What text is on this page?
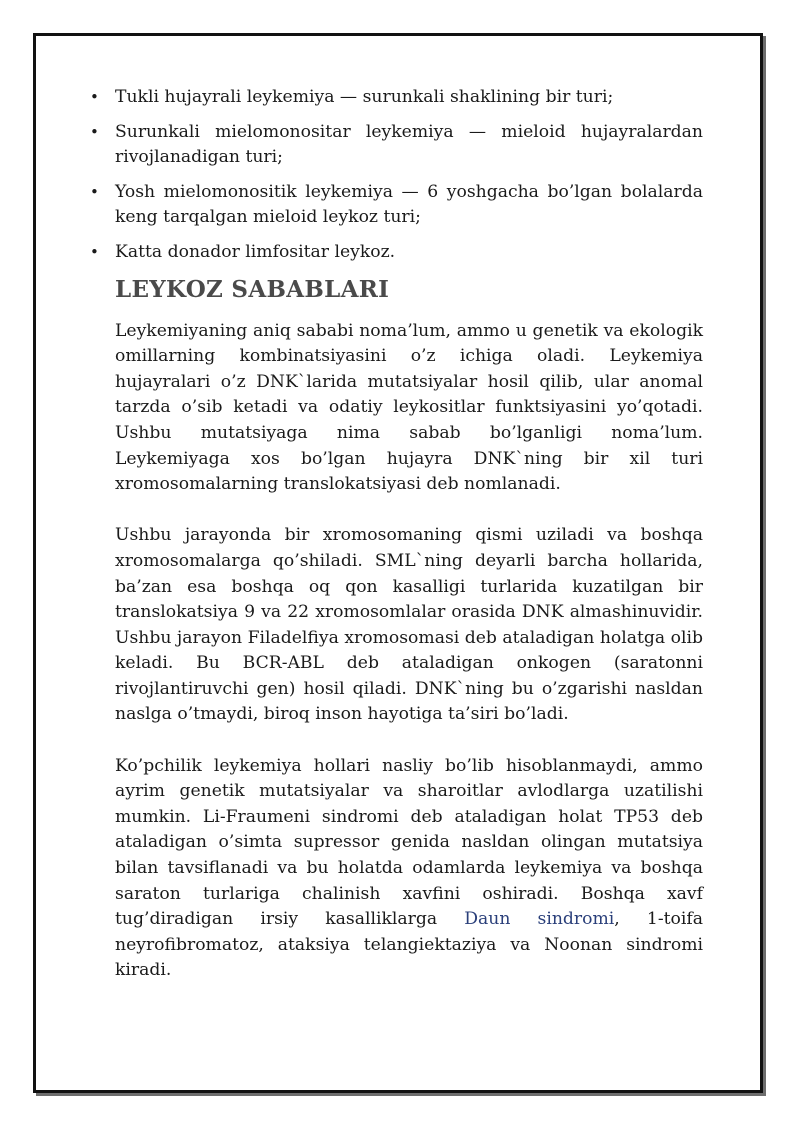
• Tukli hujayrali leykemiya — surunkali shaklining bir turi;
• Surunkali mielomonositar leykemiya — mieloid hujayralardan rivojlanadigan turi;
• Yosh mielomonositik leykemiya — 6 yoshgacha bo’lgan bolalarda keng tarqalgan mieloid leykoz turi;
• Katta donador limfositar leykoz.
LEYKOZ SABABLARI

Leykemiyaning aniq sababi noma’lum, ammo u genetik va ekologik omillarning kombinatsiyasini o’z ichiga oladi. Leykemiya hujayralari o’z DNK`larida mutatsiyalar hosil qilib, ular anomal tarzda o’sib ketadi va odatiy leykositlar funktsiyasini yo’qotadi. Ushbu mutatsiyaga nima sabab bo’lganligi noma’lum. Leykemiyaga xos bo’lgan hujayra DNK`ning bir xil turi xromosomalarning translokatsiyasi deb nomlanadi.

Ushbu jarayonda bir xromosomaning qismi uziladi va boshqa xromosomalarga qo’shiladi. SML`ning deyarli barcha hollarida, ba’zan esa boshqa oq qon kasalligi turlarida kuzatilgan bir translokatsiya 9 va 22 xromosomlalar orasida DNK almashinuvidir. Ushbu jarayon Filadelfiya xromosomasi deb ataladigan holatga olib keladi. Bu BCR-ABL deb ataladigan onkogen (saratonni rivojlantiruvchi gen) hosil qiladi. DNK`ning bu o’zgarishi nasldan naslga o’tmaydi, biroq inson hayotiga ta’siri bo’ladi.

Ko’pchilik leykemiya hollari nasliy bo’lib hisoblanmaydi, ammo ayrim genetik mutatsiyalar va sharoitlar avlodlarga uzatilishi mumkin. Li-Fraumeni sindromi deb ataladigan holat TP53 deb ataladigan o’simta supressor genida nasldan olingan mutatsiya bilan tavsiflanadi va bu holatda odamlarda leykemiya va boshqa saraton turlariga chalinish xavfini oshiradi. Boshqa xavf tug’diradigan irsiy kasalliklarga Daun sindromi, 1-toifa neyrofibromatoz, ataksiya telangiektaziya va Noonan sindromi kiradi.
